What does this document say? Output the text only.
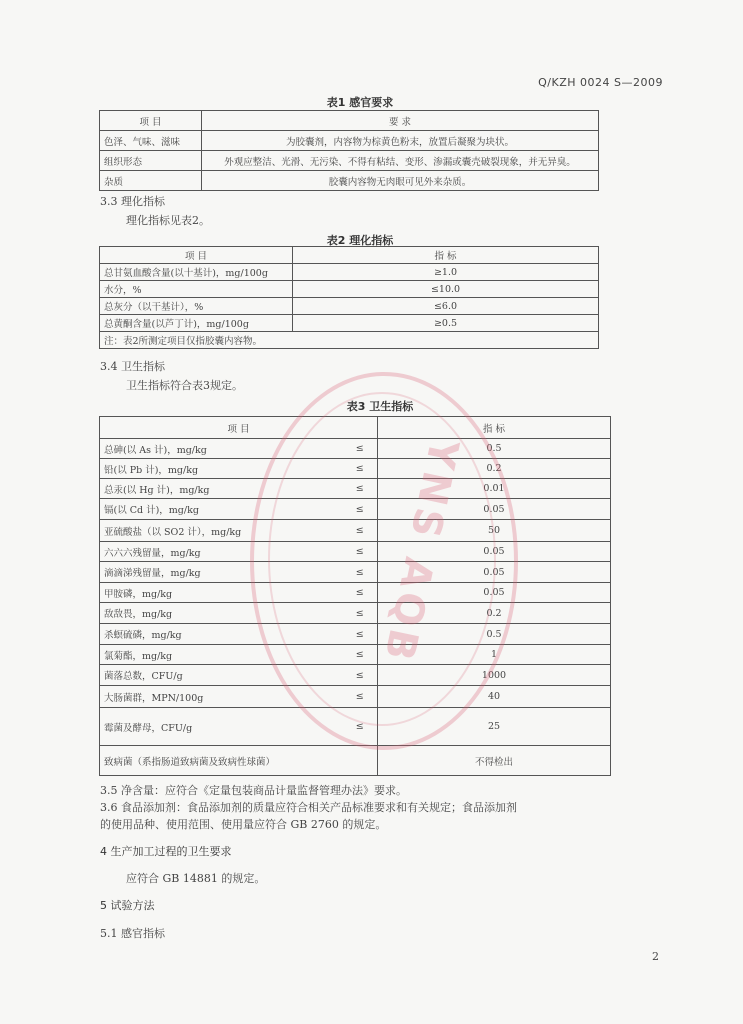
Q/KZH 0024 S—2009
表1 感官要求
项 目	要 求
色泽、气味、滋味	为胶囊剂，内容物为棕黄色粉末，放置后凝聚为块状。
组织形态	外观应整洁、光滑、无污染、不得有粘结、变形、渗漏或囊壳破裂现象，并无异臭。
杂质	胶囊内容物无肉眼可见外来杂质。
3.3 理化指标
理化指标见表2。
表2 理化指标
项 目	指 标
总甘氨血酸含量(以十基计)，mg/100g	≥1.0
水分，%	≤10.0
总灰分（以干基计），%	≤6.0
总黄酮含量(以芦丁计)，mg/100g	≥0.5
注：表2所测定项目仅指胶囊内容物。	
3.4 卫生指标
卫生指标符合表3规定。
表3 卫生指标
项 目		指 标
总砷(以 As 计)，mg/kg	≤	0.5
铅(以 Pb 计)，mg/kg	≤	0.2
总汞(以 Hg 计)，mg/kg	≤	0.01
镉(以 Cd 计)，mg/kg	≤	0.05
亚硫酸盐（以 SO2 计），mg/kg	≤	50
六六六残留量，mg/kg	≤	0.05
滴滴涕残留量，mg/kg	≤	0.05
甲胺磷，mg/kg	≤	0.05
敌敌畏，mg/kg	≤	0.2
杀螟硫磷，mg/kg	≤	0.5
氯菊酯，mg/kg	≤	1
菌落总数，CFU/g	≤	1000
大肠菌群，MPN/100g	≤	40
霉菌及酵母，CFU/g	≤	25
致病菌（系指肠道致病菌及致病性球菌）		不得检出
YNS AQB
3.5 净含量：应符合《定量包装商品计量监督管理办法》要求。
3.6 食品添加剂：食品添加剂的质量应符合相关产品标准要求和有关规定；食品添加剂
的使用品种、使用范围、使用量应符合 GB 2760 的规定。
4 生产加工过程的卫生要求
应符合 GB 14881 的规定。
5 试验方法
5.1 感官指标
2
